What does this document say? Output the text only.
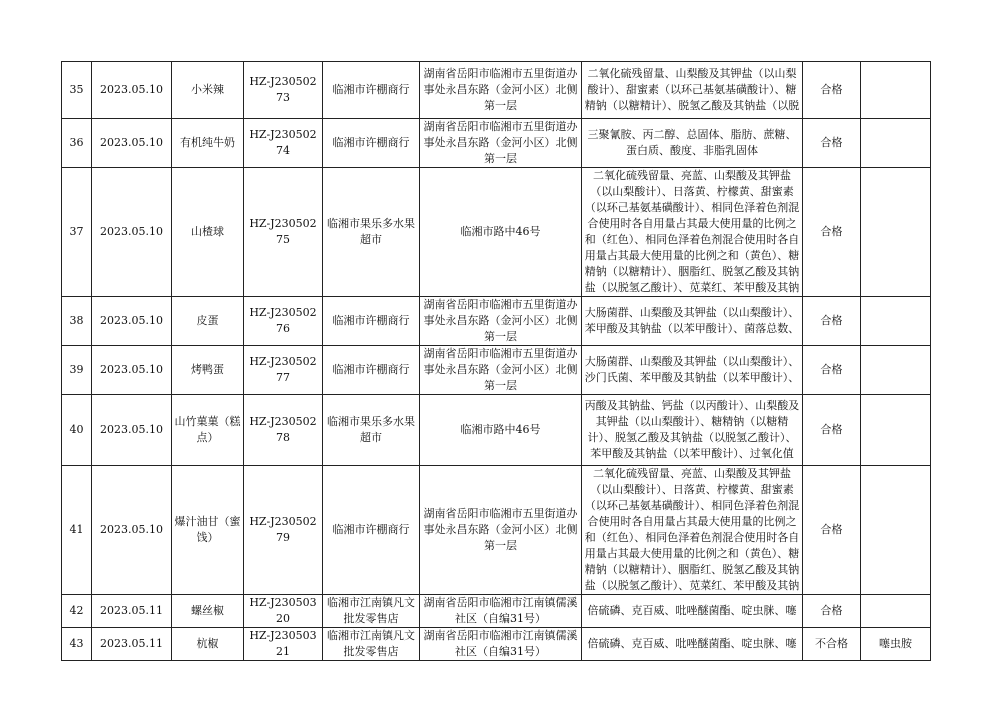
35	2023.05.10	小米辣	HZ-J23050273	临湘市许棚商行	湖南省岳阳市临湘市五里街道办事处永昌东路（金河小区）北侧第一层	二氧化硫残留量、山梨酸及其钾盐（以山梨酸计）、甜蜜素（以环己基氨基磺酸计）、糖精钠（以糖精计）、脱氢乙酸及其钠盐（以脱	合格	
36	2023.05.10	有机纯牛奶	HZ-J23050274	临湘市许棚商行	湖南省岳阳市临湘市五里街道办事处永昌东路（金河小区）北侧第一层	三聚氰胺、丙二醇、总固体、脂肪、蔗糖、蛋白质、酸度、非脂乳固体	合格	
37	2023.05.10	山楂球	HZ-J23050275	临湘市果乐多水果超市	临湘市路中46号	二氧化硫残留量、亮蓝、山梨酸及其钾盐（以山梨酸计）、日落黄、柠檬黄、甜蜜素（以环己基氨基磺酸计）、相同色泽着色剂混合使用时各自用量占其最大使用量的比例之和（红色）、相同色泽着色剂混合使用时各自用量占其最大使用量的比例之和（黄色）、糖精钠（以糖精计）、胭脂红、脱氢乙酸及其钠盐（以脱氢乙酸计）、苋菜红、苯甲酸及其钠	合格	
38	2023.05.10	皮蛋	HZ-J23050276	临湘市许棚商行	湖南省岳阳市临湘市五里街道办事处永昌东路（金河小区）北侧第一层	大肠菌群、山梨酸及其钾盐（以山梨酸计）、苯甲酸及其钠盐（以苯甲酸计）、菌落总数、	合格	
39	2023.05.10	烤鸭蛋	HZ-J23050277	临湘市许棚商行	湖南省岳阳市临湘市五里街道办事处永昌东路（金河小区）北侧第一层	大肠菌群、山梨酸及其钾盐（以山梨酸计）、沙门氏菌、苯甲酸及其钠盐（以苯甲酸计）、	合格	
40	2023.05.10	山竹菓菓（糕点）	HZ-J23050278	临湘市果乐多水果超市	临湘市路中46号	丙酸及其钠盐、钙盐（以丙酸计）、山梨酸及其钾盐（以山梨酸计）、糖精钠（以糖精计）、脱氢乙酸及其钠盐（以脱氢乙酸计）、苯甲酸及其钠盐（以苯甲酸计）、过氧化值	合格	
41	2023.05.10	爆汁油甘（蜜饯）	HZ-J23050279	临湘市许棚商行	湖南省岳阳市临湘市五里街道办事处永昌东路（金河小区）北侧第一层	二氧化硫残留量、亮蓝、山梨酸及其钾盐（以山梨酸计）、日落黄、柠檬黄、甜蜜素（以环己基氨基磺酸计）、相同色泽着色剂混合使用时各自用量占其最大使用量的比例之和（红色）、相同色泽着色剂混合使用时各自用量占其最大使用量的比例之和（黄色）、糖精钠（以糖精计）、胭脂红、脱氢乙酸及其钠盐（以脱氢乙酸计）、苋菜红、苯甲酸及其钠	合格	
42	2023.05.11	螺丝椒	HZ-J23050320	临湘市江南镇凡文批发零售店	湖南省岳阳市临湘市江南镇儒溪社区（自编31号）	倍硫磷、克百威、吡唑醚菌酯、啶虫脒、噻	合格	
43	2023.05.11	杭椒	HZ-J23050321	临湘市江南镇凡文批发零售店	湖南省岳阳市临湘市江南镇儒溪社区（自编31号）	倍硫磷、克百威、吡唑醚菌酯、啶虫脒、噻	不合格	噻虫胺
